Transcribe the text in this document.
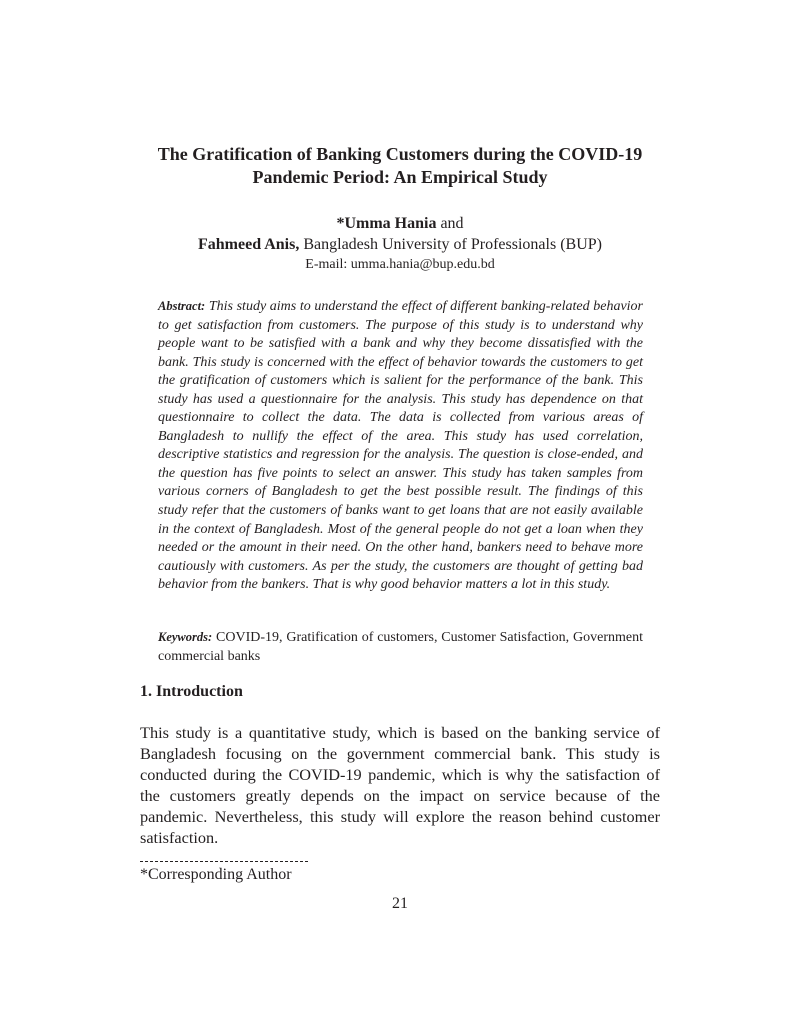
The Gratification of Banking Customers during the COVID-19
Pandemic Period: An Empirical Study
*Umma Hania and
Fahmeed Anis, Bangladesh University of Professionals (BUP)
E-mail: umma.hania@bup.edu.bd
Abstract: This study aims to understand the effect of different banking-related behavior to get satisfaction from customers. The purpose of this study is to understand why people want to be satisfied with a bank and why they become dissatisfied with the bank. This study is concerned with the effect of behavior towards the customers to get the gratification of customers which is salient for the performance of the bank. This study has used a questionnaire for the analysis. This study has dependence on that questionnaire to collect the data. The data is collected from various areas of Bangladesh to nullify the effect of the area. This study has used correlation, descriptive statistics and regression for the analysis. The question is close-ended, and the question has five points to select an answer. This study has taken samples from various corners of Bangladesh to get the best possible result. The findings of this study refer that the customers of banks want to get loans that are not easily available in the context of Bangladesh. Most of the general people do not get a loan when they needed or the amount in their need. On the other hand, bankers need to behave more cautiously with customers. As per the study, the customers are thought of getting bad behavior from the bankers. That is why good behavior matters a lot in this study.
Keywords: COVID-19, Gratification of customers, Customer Satisfaction, Government commercial banks
1. Introduction
This study is a quantitative study, which is based on the banking service of Bangladesh focusing on the government commercial bank. This study is conducted during the COVID-19 pandemic, which is why the satisfaction of the customers greatly depends on the impact on service because of the pandemic. Nevertheless, this study will explore the reason behind customer satisfaction.
*Corresponding Author
21
